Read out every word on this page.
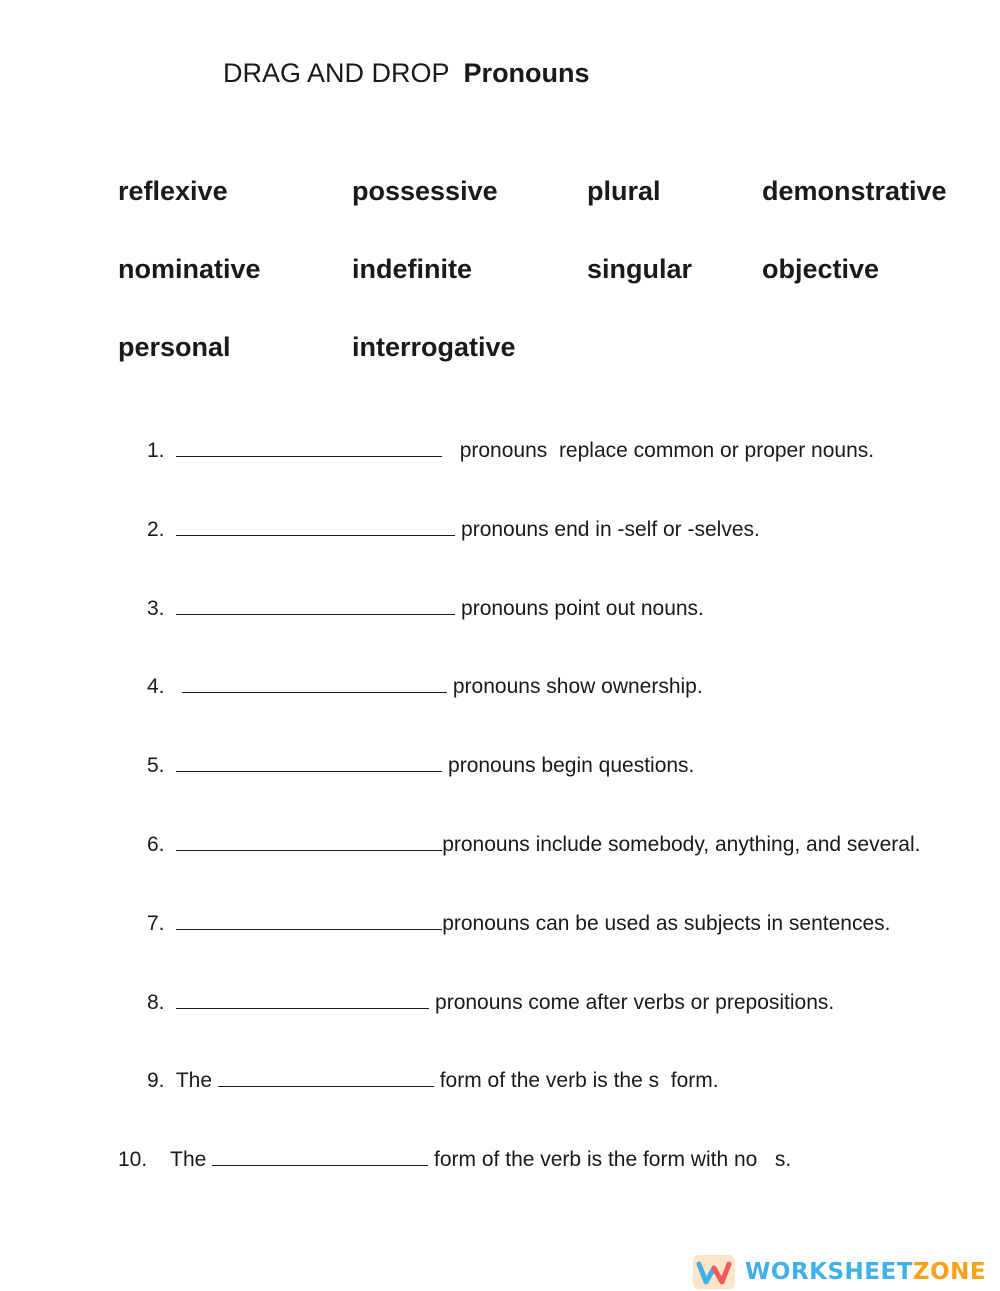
DRAG AND DROP Pronouns
reflexive	possessive	plural	demonstrative
nominative	indefinite	singular	objective
personal	interrogative
1.	pronouns  replace common or proper nouns.
2.	pronouns end in -self or -selves.
3.	pronouns point out nouns.
4.	pronouns show ownership.
5.	pronouns begin questions.
6.	pronouns include somebody, anything, and several.
7.	pronouns can be used as subjects in sentences.
8.	pronouns come after verbs or prepositions.
9. The	form of the verb is the s  form.
10. The	form of the verb is the form with no   s.
WORKSHEETZONE
